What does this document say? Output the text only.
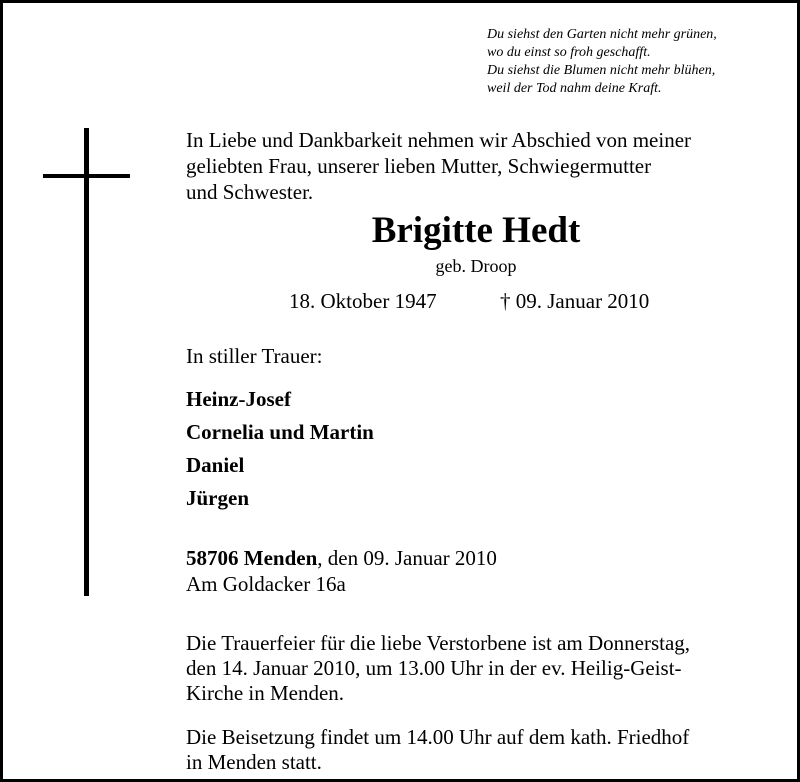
Du siehst den Garten nicht mehr grünen,
wo du einst so froh geschafft.
Du siehst die Blumen nicht mehr blühen,
weil der Tod nahm deine Kraft.
In Liebe und Dankbarkeit nehmen wir Abschied von meiner
geliebten Frau, unserer lieben Mutter, Schwiegermutter
und Schwester.
Brigitte Hedt
geb. Droop
18. Oktober 1947	† 09. Januar 2010
In stiller Trauer:
Heinz-Josef
Cornelia und Martin
Daniel
Jürgen
58706 Menden, den 09. Januar 2010
Am Goldacker 16a
Die Trauerfeier für die liebe Verstorbene ist am Donnerstag,
den 14. Januar 2010, um 13.00 Uhr in der ev. Heilig-Geist-
Kirche in Menden.
Die Beisetzung findet um 14.00 Uhr auf dem kath. Friedhof
in Menden statt.
